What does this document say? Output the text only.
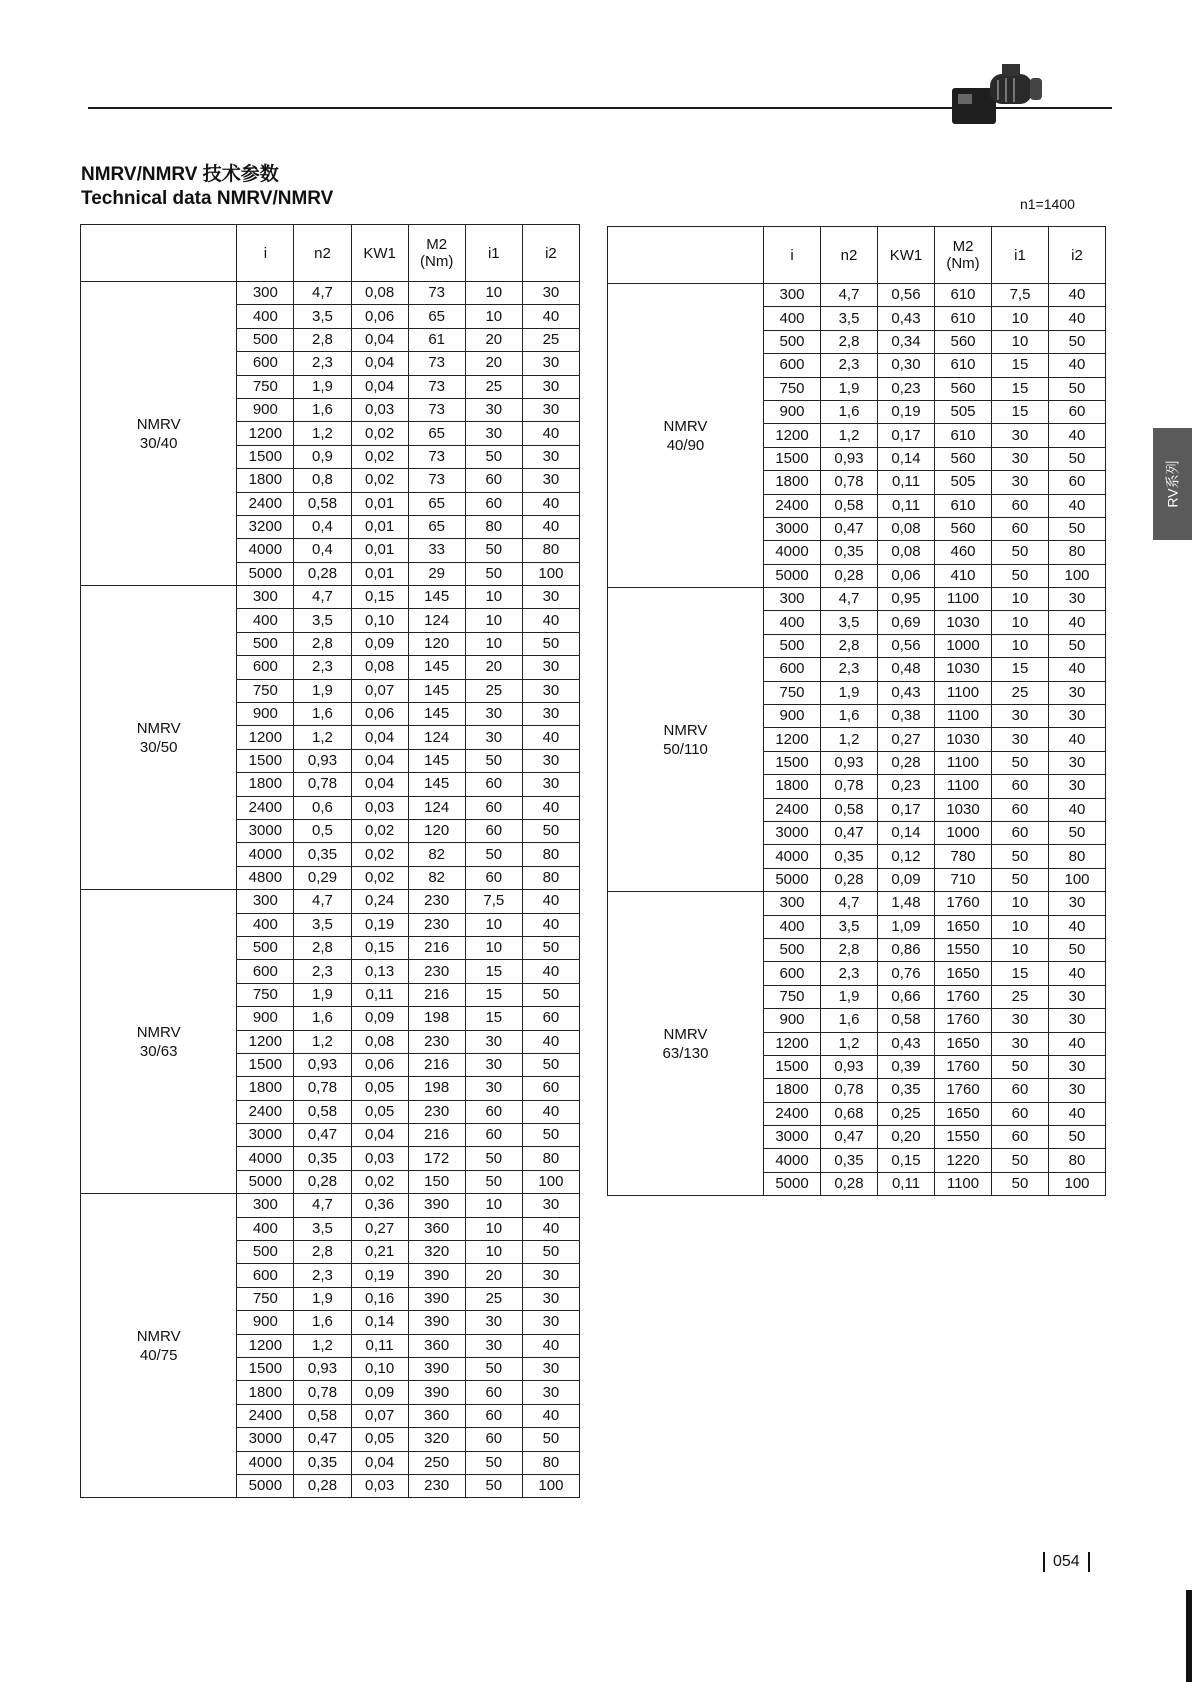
NMRV/NMRV 技术参数
Technical data NMRV/NMRV	n1=1400
RV系列
	i	n2	KW1	M2
(Nm)	i1	i2
NMRV
30/40	300	4,7	0,08	73	10	30
	400	3,5	0,06	65	10	40
	500	2,8	0,04	61	20	25
	600	2,3	0,04	73	20	30
	750	1,9	0,04	73	25	30
	900	1,6	0,03	73	30	30
	1200	1,2	0,02	65	30	40
	1500	0,9	0,02	73	50	30
	1800	0,8	0,02	73	60	30
	2400	0,58	0,01	65	60	40
	3200	0,4	0,01	65	80	40
	4000	0,4	0,01	33	50	80
	5000	0,28	0,01	29	50	100
NMRV
30/50	300	4,7	0,15	145	10	30
	400	3,5	0,10	124	10	40
	500	2,8	0,09	120	10	50
	600	2,3	0,08	145	20	30
	750	1,9	0,07	145	25	30
	900	1,6	0,06	145	30	30
	1200	1,2	0,04	124	30	40
	1500	0,93	0,04	145	50	30
	1800	0,78	0,04	145	60	30
	2400	0,6	0,03	124	60	40
	3000	0,5	0,02	120	60	50
	4000	0,35	0,02	82	50	80
	4800	0,29	0,02	82	60	80
NMRV
30/63	300	4,7	0,24	230	7,5	40
	400	3,5	0,19	230	10	40
	500	2,8	0,15	216	10	50
	600	2,3	0,13	230	15	40
	750	1,9	0,11	216	15	50
	900	1,6	0,09	198	15	60
	1200	1,2	0,08	230	30	40
	1500	0,93	0,06	216	30	50
	1800	0,78	0,05	198	30	60
	2400	0,58	0,05	230	60	40
	3000	0,47	0,04	216	60	50
	4000	0,35	0,03	172	50	80
	5000	0,28	0,02	150	50	100
NMRV
40/75	300	4,7	0,36	390	10	30
	400	3,5	0,27	360	10	40
	500	2,8	0,21	320	10	50
	600	2,3	0,19	390	20	30
	750	1,9	0,16	390	25	30
	900	1,6	0,14	390	30	30
	1200	1,2	0,11	360	30	40
	1500	0,93	0,10	390	50	30
	1800	0,78	0,09	390	60	30
	2400	0,58	0,07	360	60	40
	3000	0,47	0,05	320	60	50
	4000	0,35	0,04	250	50	80
	5000	0,28	0,03	230	50	100
	i	n2	KW1	M2
(Nm)	i1	i2
NMRV
40/90	300	4,7	0,56	610	7,5	40
	400	3,5	0,43	610	10	40
	500	2,8	0,34	560	10	50
	600	2,3	0,30	610	15	40
	750	1,9	0,23	560	15	50
	900	1,6	0,19	505	15	60
	1200	1,2	0,17	610	30	40
	1500	0,93	0,14	560	30	50
	1800	0,78	0,11	505	30	60
	2400	0,58	0,11	610	60	40
	3000	0,47	0,08	560	60	50
	4000	0,35	0,08	460	50	80
	5000	0,28	0,06	410	50	100
NMRV
50/110	300	4,7	0,95	1100	10	30
	400	3,5	0,69	1030	10	40
	500	2,8	0,56	1000	10	50
	600	2,3	0,48	1030	15	40
	750	1,9	0,43	1100	25	30
	900	1,6	0,38	1100	30	30
	1200	1,2	0,27	1030	30	40
	1500	0,93	0,28	1100	50	30
	1800	0,78	0,23	1100	60	30
	2400	0,58	0,17	1030	60	40
	3000	0,47	0,14	1000	60	50
	4000	0,35	0,12	780	50	80
	5000	0,28	0,09	710	50	100
NMRV
63/130	300	4,7	1,48	1760	10	30
	400	3,5	1,09	1650	10	40
	500	2,8	0,86	1550	10	50
	600	2,3	0,76	1650	15	40
	750	1,9	0,66	1760	25	30
	900	1,6	0,58	1760	30	30
	1200	1,2	0,43	1650	30	40
	1500	0,93	0,39	1760	50	30
	1800	0,78	0,35	1760	60	30
	2400	0,68	0,25	1650	60	40
	3000	0,47	0,20	1550	60	50
	4000	0,35	0,15	1220	50	80
	5000	0,28	0,11	1100	50	100
054
